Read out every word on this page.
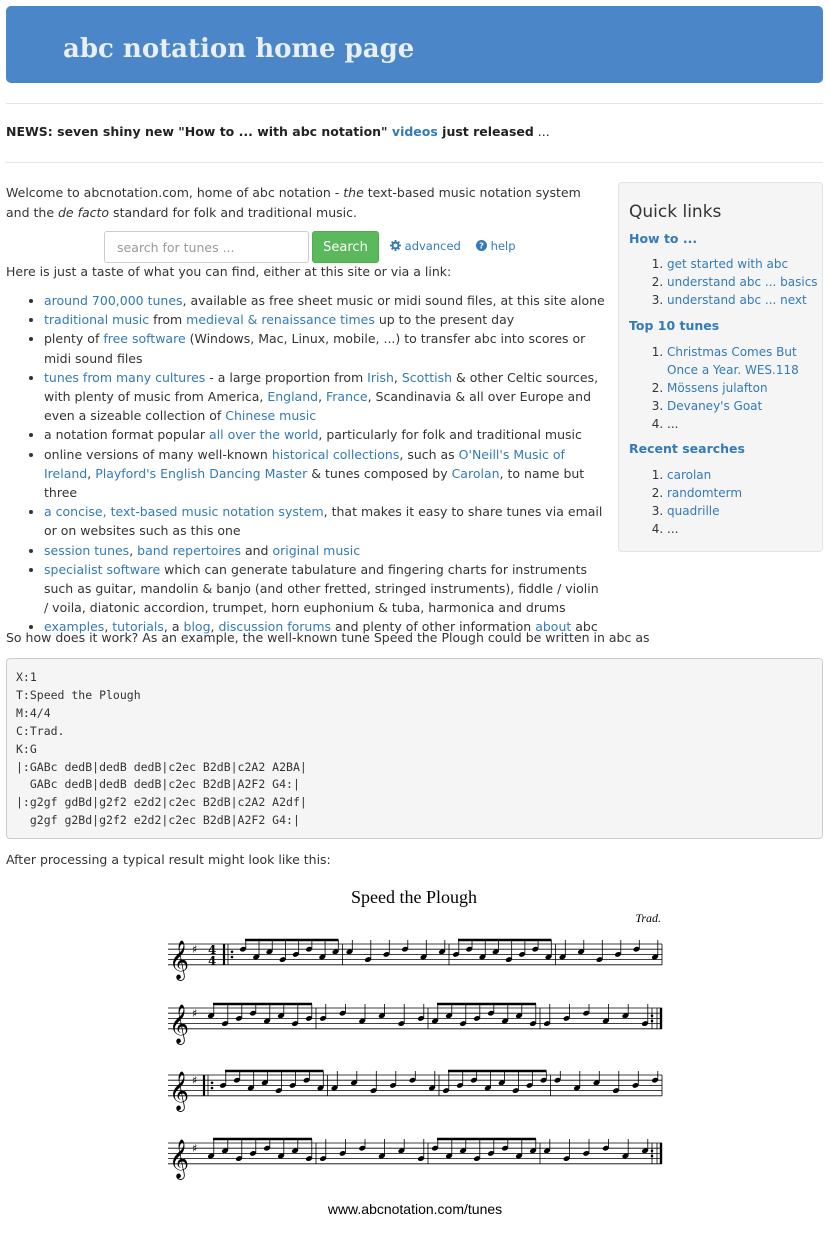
abc notation home page
NEWS: seven shiny new "How to ... with abc notation" videos just released ...
Welcome to abcnotation.com, home of abc notation - the text-based music notation system and the de facto standard for folk and traditional music.
search for tunes ...
Search	advanced ? help
Here is just a taste of what you can find, either at this site or via a link:
• around 700,000 tunes, available as free sheet music or midi sound files, at this site alone
• traditional music from medieval & renaissance times up to the present day
• plenty of free software (Windows, Mac, Linux, mobile, ...) to transfer abc into scores or midi sound files
• tunes from many cultures - a large proportion from Irish, Scottish & other Celtic sources, with plenty of music from America, England, France, Scandinavia & all over Europe and even a sizeable collection of Chinese music
• a notation format popular all over the world, particularly for folk and traditional music
• online versions of many well-known historical collections, such as O'Neill's Music of Ireland, Playford's English Dancing Master & tunes composed by Carolan, to name but three
• a concise, text-based music notation system, that makes it easy to share tunes via email or on websites such as this one
• session tunes, band repertoires and original music
• specialist software which can generate tabulature and fingering charts for instruments such as guitar, mandolin & banjo (and other fretted, stringed instruments), fiddle / violin / voila, diatonic accordion, trumpet, horn euphonium & tuba, harmonica and drums
• examples, tutorials, a blog, discussion forums and plenty of other information about abc
So how does it work? As an example, the well-known tune Speed the Plough could be written in abc as
X:1
T:Speed the Plough
M:4/4
C:Trad.
K:G
|:GABc dedB|dedB dedB|c2ec B2dB|c2A2 A2BA|
GABc dedB|dedB dedB|c2ec B2dB|A2F2 G4:|
|:g2gf gdBd|g2f2 e2d2|c2ec B2dB|c2A2 A2df|
g2gf g2Bd|g2f2 e2d2|c2ec B2dB|A2F2 G4:|
After processing a typical result might look like this:
Quick links
How to ...
1. get started with abc
2. understand abc ... basics
3. understand abc ... next
Top 10 tunes
1. Christmas Comes But Once a Year. WES.118
2. Mössens julafton
3. Devaney's Goat
4. ...
Recent searches
1. carolan
2. randomterm
3. quadrille
4. ...
Speed the Plough
Trad.
𝄞 ♯ 4
4
𝄞 ♯
𝄞 ♯
𝄞 ♯
www.abcnotation.com/tunes
